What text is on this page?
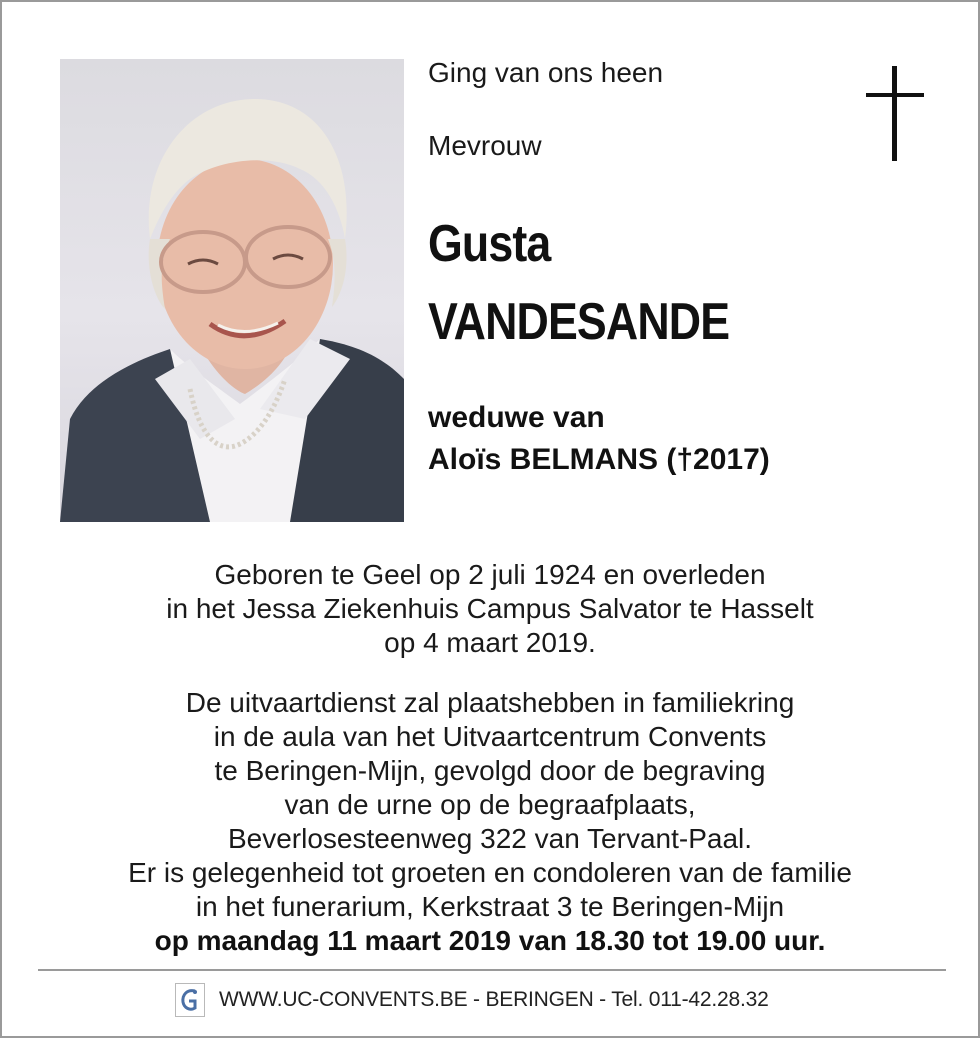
Ging van ons heen
Mevrouw
Gusta
VANDESANDE
weduwe van
Aloïs BELMANS (†2017)
Geboren te Geel op 2 juli 1924 en overleden
in het Jessa Ziekenhuis Campus Salvator te Hasselt
op 4 maart 2019.
De uitvaartdienst zal plaatshebben in familiekring
in de aula van het Uitvaartcentrum Convents
te Beringen-Mijn, gevolgd door de begraving
van de urne op de begraafplaats,
Beverlosesteenweg 322 van Tervant-Paal.
Er is gelegenheid tot groeten en condoleren van de familie
in het funerarium, Kerkstraat 3 te Beringen-Mijn
op maandag 11 maart 2019 van 18.30 tot 19.00 uur.
WWW.UC-CONVENTS.BE - BERINGEN - Tel. 011-42.28.32
